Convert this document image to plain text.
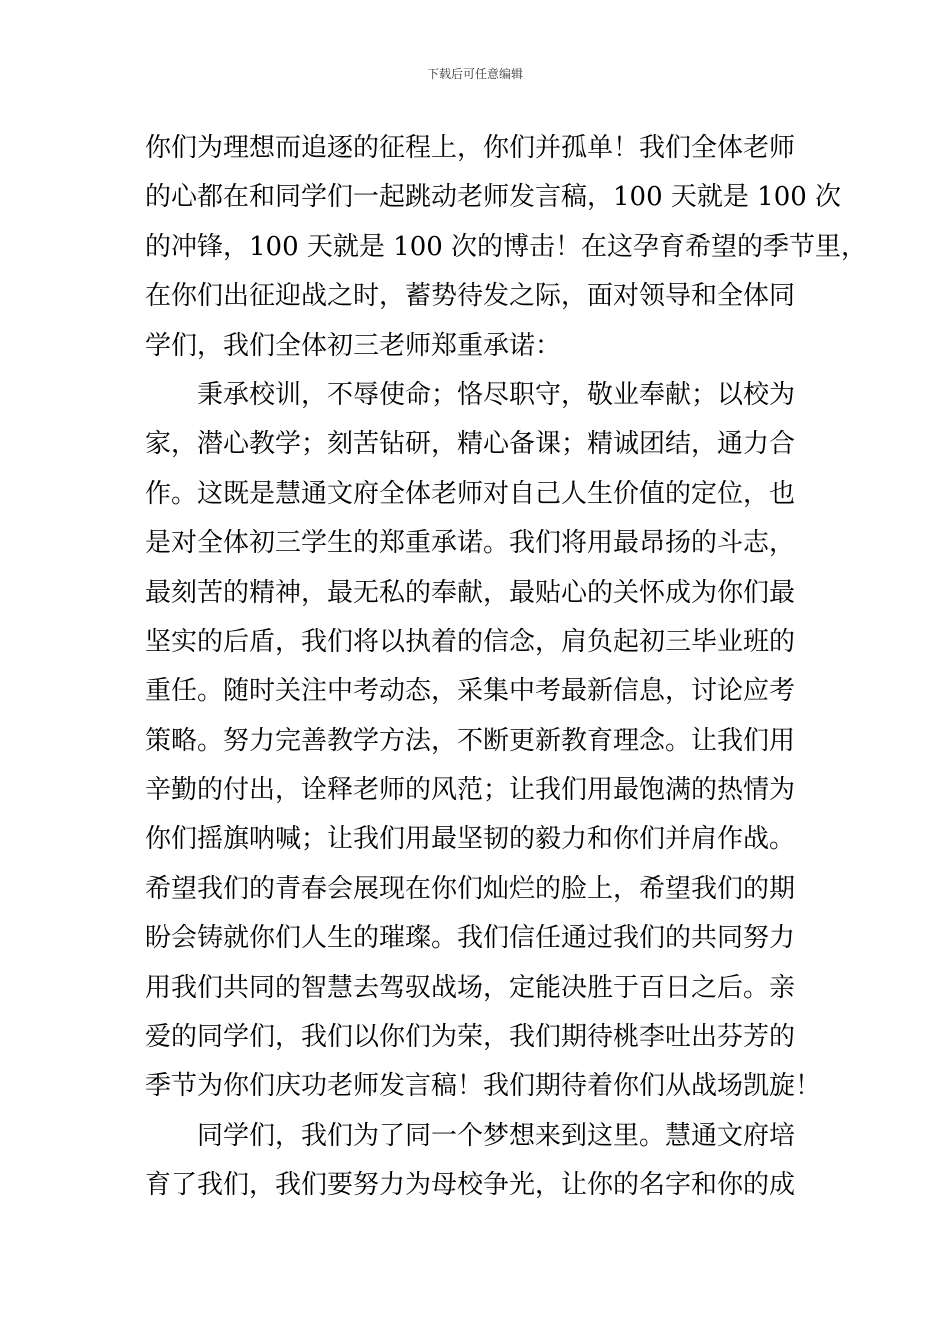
下载后可任意编辑
你们为理想而追逐的征程上，你们并孤单！我们全体老师
的心都在和同学们一起跳动老师发言稿，100 天就是 100 次
的冲锋，100 天就是 100 次的博击！在这孕育希望的季节里，
在你们出征迎战之时，蓄势待发之际，面对领导和全体同
学们，我们全体初三老师郑重承诺：
秉承校训，不辱使命；恪尽职守，敬业奉献；以校为
家，潜心教学；刻苦钻研，精心备课；精诚团结，通力合
作。这既是慧通文府全体老师对自己人生价值的定位，也
是对全体初三学生的郑重承诺。我们将用最昂扬的斗志，
最刻苦的精神，最无私的奉献，最贴心的关怀成为你们最
坚实的后盾，我们将以执着的信念，肩负起初三毕业班的
重任。随时关注中考动态，采集中考最新信息，讨论应考
策略。努力完善教学方法，不断更新教育理念。让我们用
辛勤的付出，诠释老师的风范；让我们用最饱满的热情为
你们摇旗呐喊；让我们用最坚韧的毅力和你们并肩作战。
希望我们的青春会展现在你们灿烂的脸上，希望我们的期
盼会铸就你们人生的璀璨。我们信任通过我们的共同努力
用我们共同的智慧去驾驭战场，定能决胜于百日之后。亲
爱的同学们，我们以你们为荣，我们期待桃李吐出芬芳的
季节为你们庆功老师发言稿！我们期待着你们从战场凯旋！
同学们，我们为了同一个梦想来到这里。慧通文府培
育了我们，我们要努力为母校争光，让你的名字和你的成
